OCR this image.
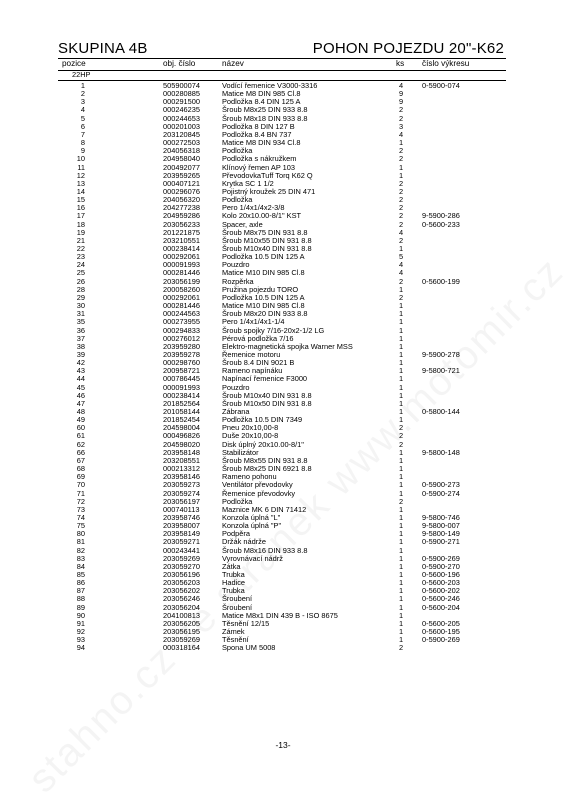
SKUPINA 4B	POHON POJEZDU 20"-K62
pozice	obj. číslo	název	ks číslo výkresu
22HP
1	505900074	Vodící řemenice V3000-3316	4	0-5900-074
2	000280885	Matice M8 DIN 985 Cl.8	9
3	000291500	Podložka 8.4 DIN 125 A	9
4	000246235	Šroub M8x25 DIN 933 8.8	2
5	000244653	Šroub M8x18 DIN 933 8.8	2
6	000201003	Podložka 8 DIN 127 B	3
7	203120845	Podložka 8.4 BN 737	4
8	000272503	Matice M8 DIN 934 Cl.8	1
9	204056318	Podložka	2
10	204958040	Podložka s nákružkem	2
11	200492077	Klínový řemen AP 103	1
12	203959265	PřevodovkaTuff Torq K62 Q	1
13	000407121	Krytka SC 1 1/2	2
14	000296076	Pojistný kroužek 25 DIN 471	2
15	204056320	Podložka	2
16	204277238	Pero 1/4x1/4x2-3/8	2
17	204959286	Kolo 20x10.00-8/1" KST	2	9-5900-286
18	203056233	Spacer, axle	2	0-5600-233
19	201221875	Šroub M8x75 DIN 931 8.8	4
21	203210551	Šroub M10x55 DIN 931 8.8	2
22	000238414	Šroub M10x40 DIN 931 8.8	1
23	000292061	Podložka 10.5 DIN 125 A	5
24	000091993	Pouzdro	4
25	000281446	Matice M10 DIN 985 Cl.8	4
26	203056199	Rozpěrka	2	0-5600-199
28	200058260	Pružina pojezdu TORO	1
29	000292061	Podložka 10.5 DIN 125 A	2
30	000281446	Matice M10 DIN 985 Cl.8	1
31	000244563	Šroub M8x20 DIN 933 8.8	1
35	000273955	Pero 1/4x1/4x1-1/4	1
36	000294833	Šroub spojky 7/16-20x2-1/2 LG	1
37	000276012	Pérová podložka 7/16	1
38	203959280	Elektro-magnetická spojka Warner MSS	1
39	203959278	Řemenice motoru	1	9-5900-278
42	000298760	Šroub 8.4 DIN 9021 B	1
43	200958721	Rameno napínáku	1	9-5800-721
44	000786445	Napínací řemenice F3000	1
45	000091993	Pouzdro	1
46	000238414	Šroub M10x40 DIN 931 8.8	1
47	201852564	Šroub M10x50 DIN 931 8.8	1
48	201058144	Zábrana	1	0-5800-144
49	201852454	Podložka 10.5 DIN 7349	1
60	204598004	Pneu 20x10,00-8	2
61	000496826	Duše 20x10,00-8	2
62	204598020	Disk úplný 20x10.00-8/1"	2
66	203958148	Stabilizátor	1	9-5800-148
67	203208551	Šroub M8x55 DIN 931 8.8	1
68	000213312	Šroub M8x25 DIN 6921 8.8	1
69	203958146	Rameno pohonu	1
70	203059273	Ventilátor převodovky	1	0-5900-273
71	203059274	Řemenice převodovky	1	0-5900-274
72	203056197	Podložka	2
73	000740113	Maznice MK 6 DIN 71412	1
74	203958746	Konzola úplná "L"	1	9-5800-746
75	203958007	Konzola úplná "P"	1	9-5800-007
80	203958149	Podpěra	1	9-5800-149
81	203059271	Držák nádrže	1	0-5900-271
82	000243441	Šroub M8x16 DIN 933 8.8	1
83	203059269	Vyrovnávací nádrž	1	0-5900-269
84	203059270	Zátka	1	0-5900-270
85	203056196	Trubka	1	0-5600-196
86	203056203	Hadice	1	0-5600-203
87	203056202	Trubka	1	0-5600-202
88	203056246	Šroubení	1	0-5600-246
89	203056204	Šroubení	1	0-5600-204
90	204100813	Matice M8x1 DIN 439 B - ISO 8675	1
91	203056205	Těsnění 12/15	1	0-5600-205
92	203056195	Zámek	1	0-5600-195
93	203059269	Těsnění	1	0-5900-269
94	000318164	Spona UM 5008	2
-13-
